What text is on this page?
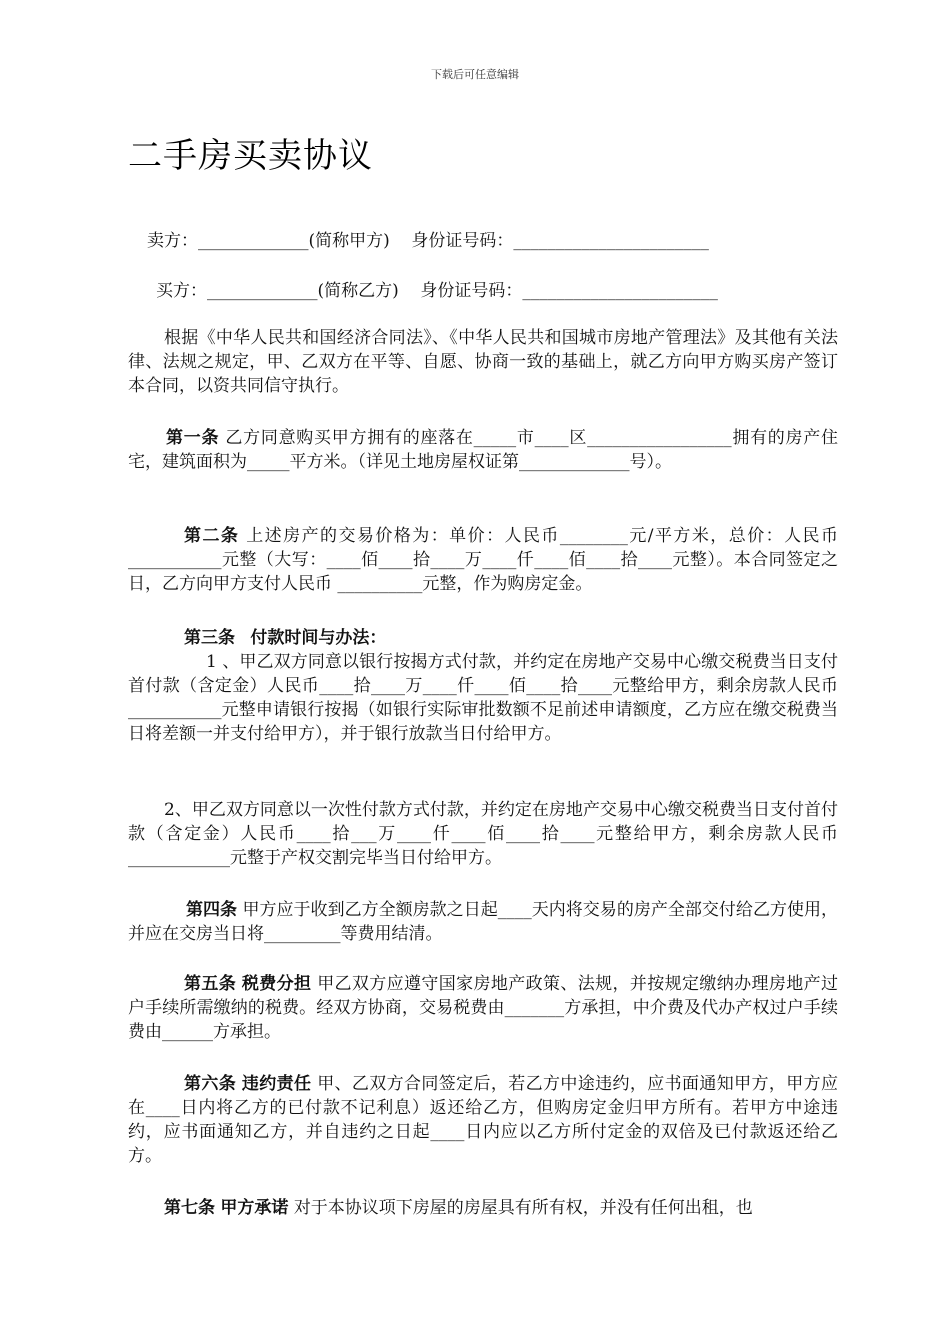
下载后可任意编辑
二手房买卖协议

卖方：_____________(简称甲方)    身份证号码：_______________________

买方：_____________(简称乙方)    身份证号码：_______________________

根据《中华人民共和国经济合同法》、《中华人民共和国城市房地产管理法》及其他有关法律、法规之规定，甲、乙双方在平等、自愿、协商一致的基础上，就乙方向甲方购买房产签订本合同，以资共同信守执行。

第一条 乙方同意购买甲方拥有的座落在_____市____区_________________拥有的房产住宅，建筑面积为_____平方米。（详见土地房屋权证第_____________号）。

第二条 上述房产的交易价格为：单价：人民币________元/平方米，总价：人民币___________元整（大写：____佰____拾____万____仟____佰____拾____元整）。本合同签定之日，乙方向甲方支付人民币 __________元整，作为购房定金。

第三条 付款时间与办法：

1 、甲乙双方同意以银行按揭方式付款，并约定在房地产交易中心缴交税费当日支付首付款（含定金）人民币____拾____万____仟____佰____拾____元整给甲方，剩余房款人民币___________元整申请银行按揭（如银行实际审批数额不足前述申请额度，乙方应在缴交税费当日将差额一并支付给甲方），并于银行放款当日付给甲方。

2、甲乙双方同意以一次性付款方式付款，并约定在房地产交易中心缴交税费当日支付首付款（含定金）人民币____拾___万____仟____佰____拾____元整给甲方，剩余房款人民币____________元整于产权交割完毕当日付给甲方。

第四条 甲方应于收到乙方全额房款之日起____天内将交易的房产全部交付给乙方使用，并应在交房当日将_________等费用结清。

第五条 税费分担 甲乙双方应遵守国家房地产政策、法规，并按规定缴纳办理房地产过户手续所需缴纳的税费。经双方协商，交易税费由_______方承担，中介费及代办产权过户手续费由______方承担。

第六条 违约责任 甲、乙双方合同签定后，若乙方中途违约，应书面通知甲方，甲方应在____日内将乙方的已付款不记利息）返还给乙方，但购房定金归甲方所有。若甲方中途违约，应书面通知乙方，并自违约之日起____日内应以乙方所付定金的双倍及已付款返还给乙方。

第七条 甲方承诺 对于本协议项下房屋的房屋具有所有权，并没有任何出租，也
